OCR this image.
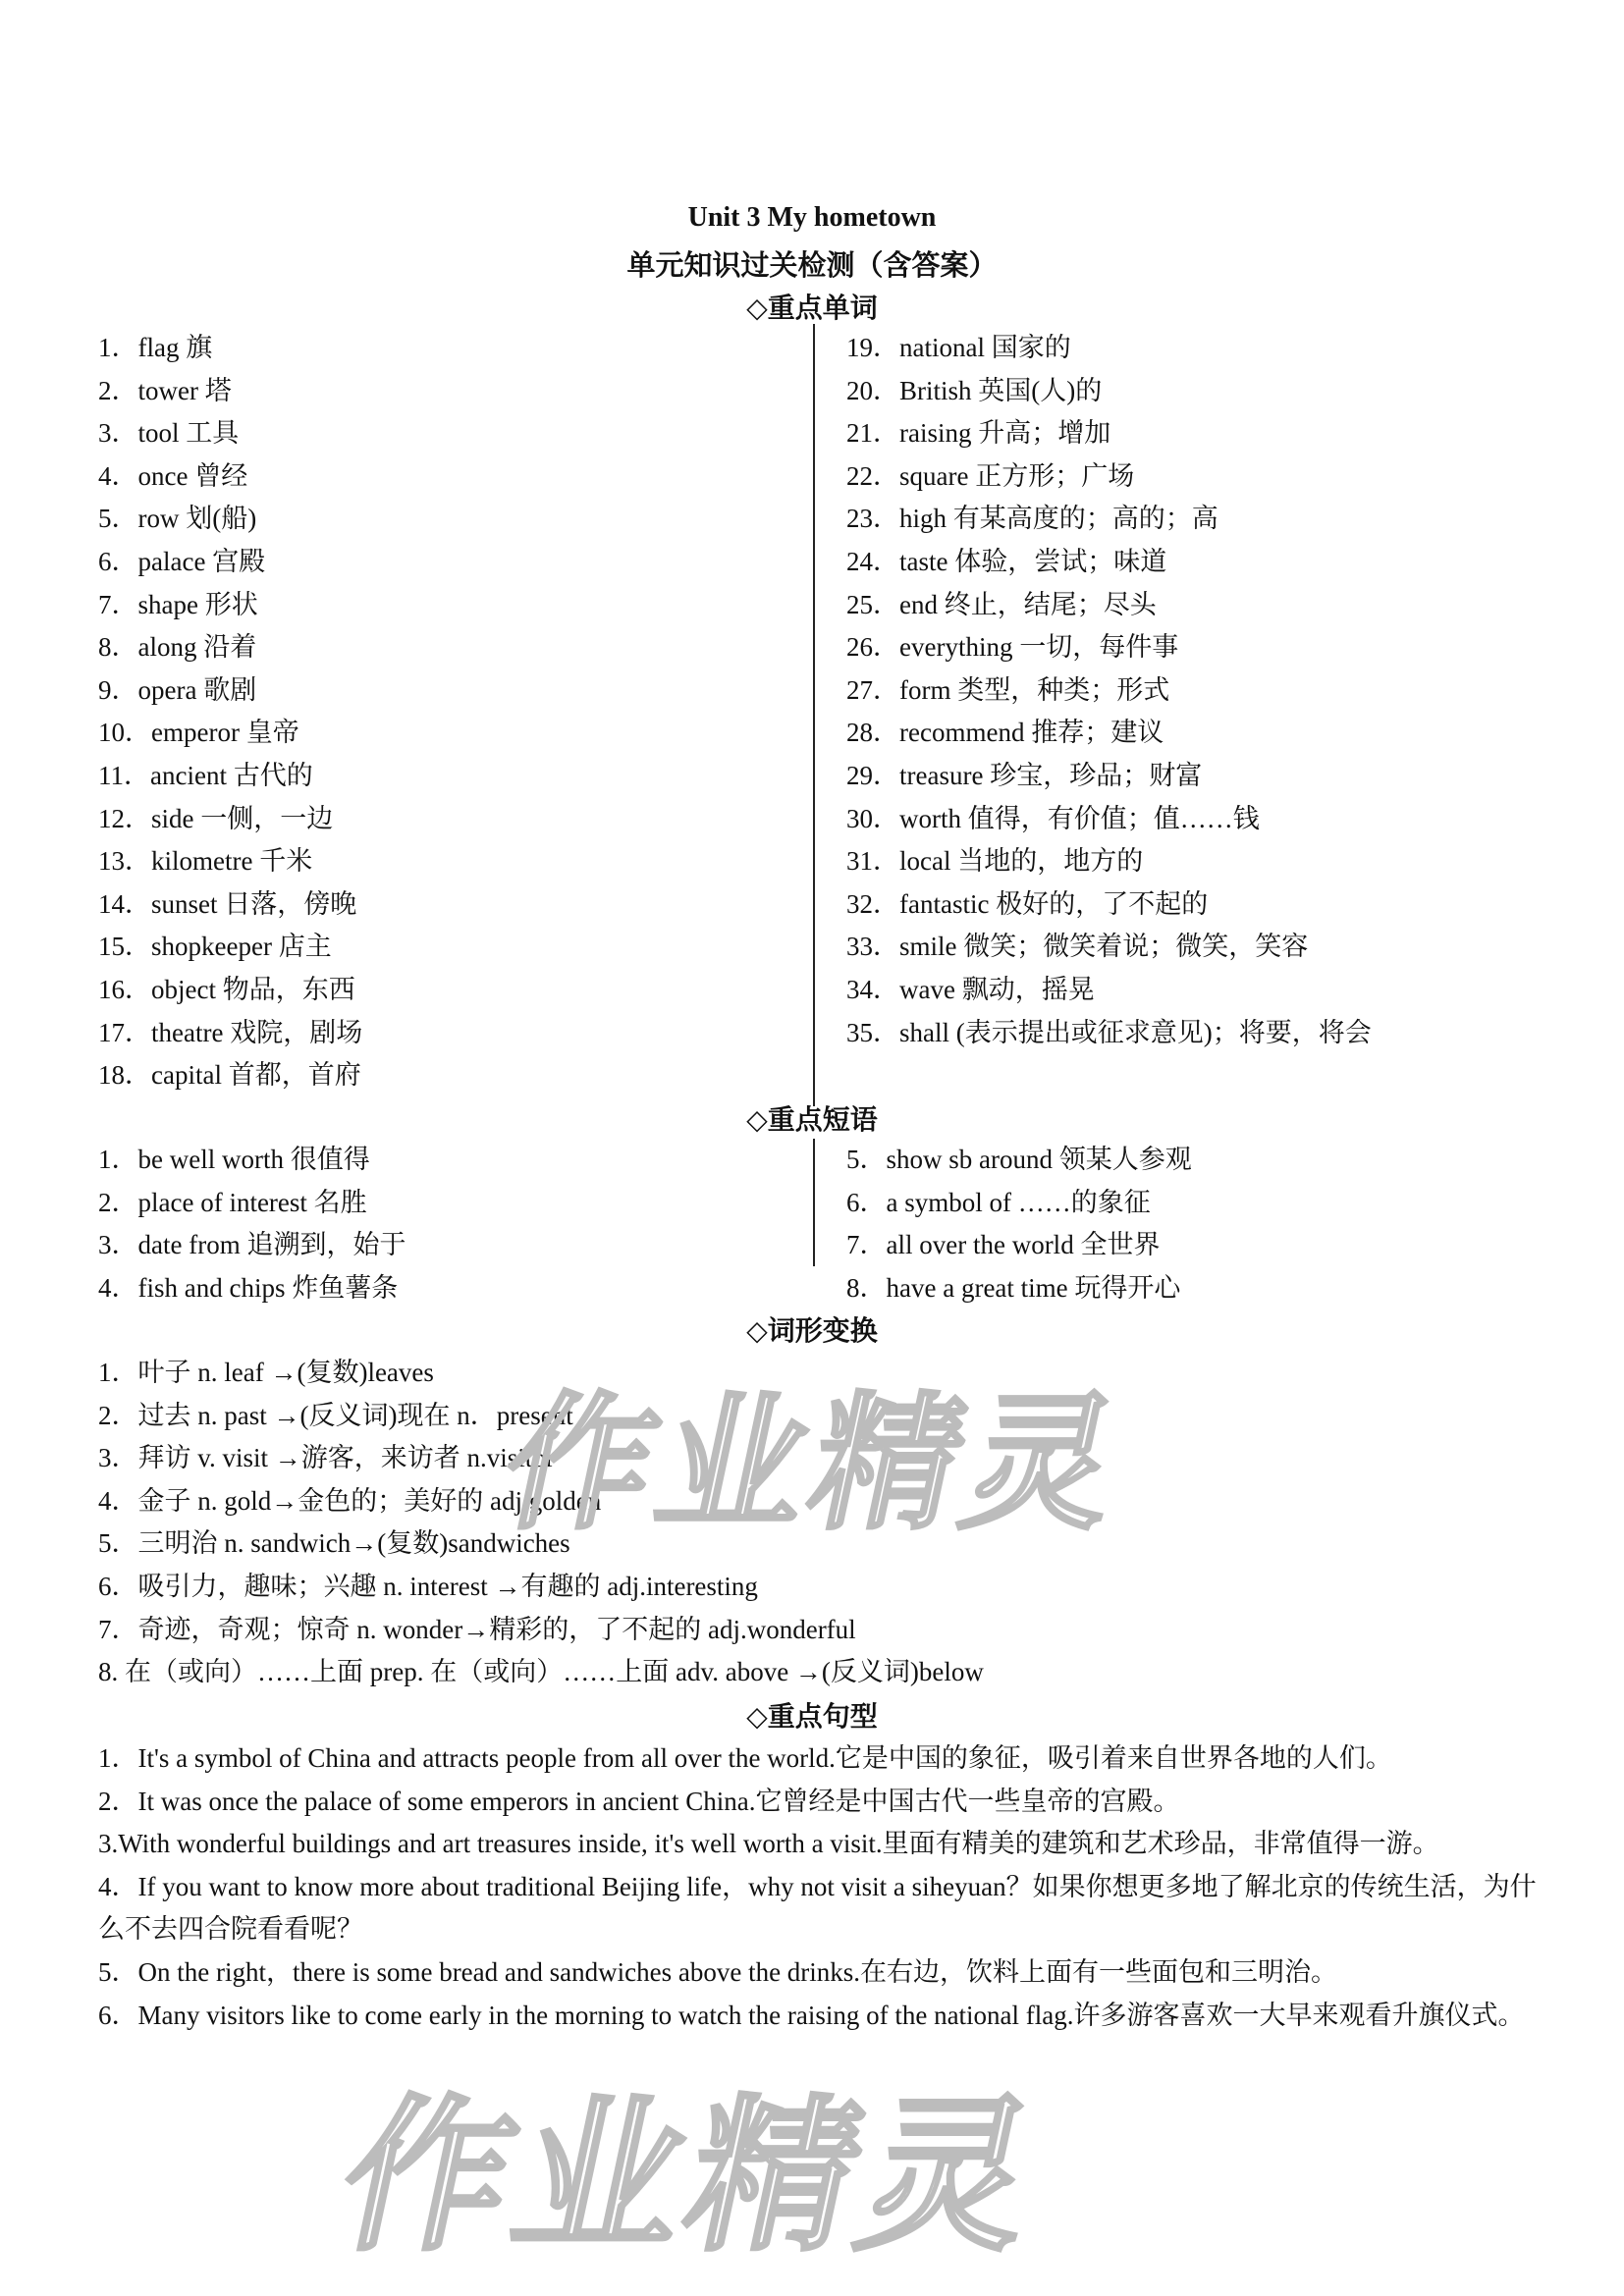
Unit 3 My hometown
单元知识过关检测（含答案）
◇重点单词
1．flag 旗
2．tower 塔
3．tool 工具
4．once 曾经
5．row 划(船)
6．palace 宫殿
7．shape 形状
8．along 沿着
9．opera 歌剧
10．emperor 皇帝
11．ancient 古代的
12．side 一侧，一边
13．kilometre 千米
14．sunset 日落，傍晚
15．shopkeeper 店主
16．object 物品，东西
17．theatre 戏院，剧场
18．capital 首都，首府
19．national 国家的
20．British 英国(人)的
21．raising 升高；增加
22．square 正方形；广场
23．high 有某高度的；高的；高
24．taste 体验，尝试；味道
25．end 终止，结尾；尽头
26．everything 一切，每件事
27．form 类型，种类；形式
28．recommend 推荐；建议
29．treasure 珍宝，珍品；财富
30．worth 值得，有价值；值……钱
31．local 当地的，地方的
32．fantastic 极好的，了不起的
33．smile 微笑；微笑着说；微笑，笑容
34．wave 飘动，摇晃
35．shall (表示提出或征求意见)；将要，将会
◇重点短语
1．be well worth 很值得
2．place of interest 名胜
3．date from 追溯到，始于
4．fish and chips 炸鱼薯条
5．show sb around 领某人参观
6．a symbol of ……的象征
7．all over the world 全世界
8．have a great time 玩得开心
◇词形变换
1．叶子 n. leaf →(复数)leaves
2．过去 n. past →(反义词)现在 n．present
3．拜访 v. visit →游客，来访者 n.visitor
4．金子 n. gold→金色的；美好的 adj.golden
5．三明治 n. sandwich→(复数)sandwiches
6．吸引力，趣味；兴趣 n. interest →有趣的 adj.interesting
7．奇迹，奇观；惊奇 n. wonder→精彩的，了不起的 adj.wonderful
8. 在（或向）……上面 prep. 在（或向）……上面 adv. above →(反义词)below
◇重点句型
1．It's a symbol of China and attracts people from all over the world.它是中国的象征，吸引着来自世界各地的人们。
2．It was once the palace of some emperors in ancient China.它曾经是中国古代一些皇帝的宫殿。
3.With wonderful buildings and art treasures inside, it's well worth a visit.里面有精美的建筑和艺术珍品，非常值得一游。
4．If you want to know more about traditional Beijing life，why not visit a siheyuan？如果你想更多地了解北京的传统生活，为什么不去四合院看看呢？
5．On the right，there is some bread and sandwiches above the drinks.在右边，饮料上面有一些面包和三明治。
6．Many visitors like to come early in the morning to watch the raising of the national flag.许多游客喜欢一大早来观看升旗仪式。
作业精灵
作业精灵
